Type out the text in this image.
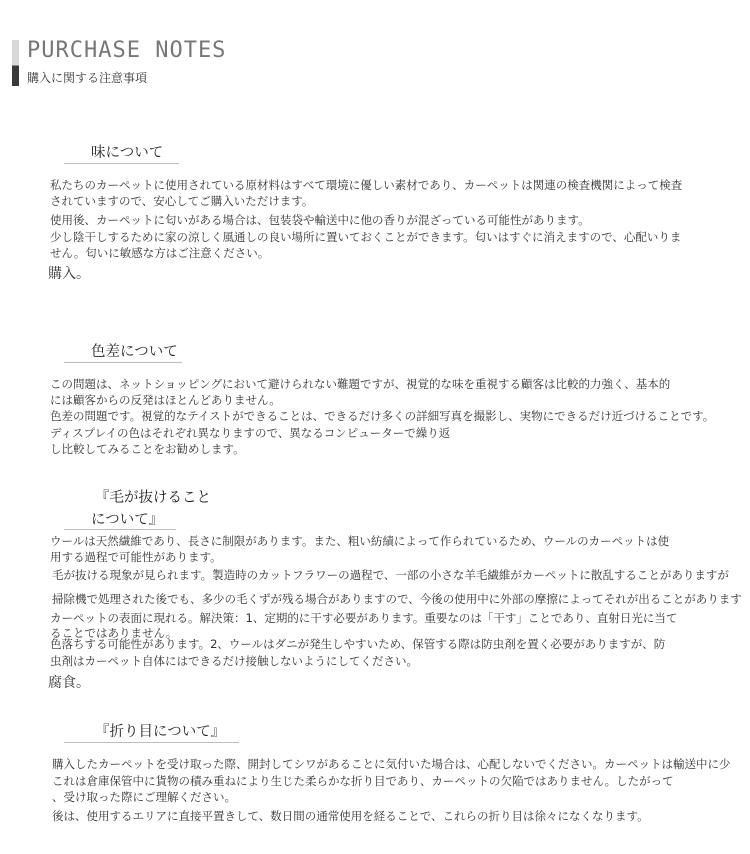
PURCHASE NOTES
購入に関する注意事項
味について
私たちのカーペットに使用されている原材料はすべて環境に優しい素材であり、カーペットは関連の検査機関によって検査
されていますので、安心してご購入いただけます。
使用後、カーペットに匂いがある場合は、包装袋や輸送中に他の香りが混ざっている可能性があります。
少し陰干しするために家の涼しく風通しの良い場所に置いておくことができます。匂いはすぐに消えますので、心配いりま
せん。匂いに敏感な方はご注意ください。
購入。
色差について
この問題は、ネットショッピングにおいて避けられない難題ですが、視覚的な味を重視する顧客は比較的力強く、基本的
には顧客からの反発はほとんどありません。
色差の問題です。視覚的なテイストができることは、できるだけ多くの詳細写真を撮影し、実物にできるだけ近づけることです。
ディスプレイの色はそれぞれ異なりますので、異なるコンピューターで繰り返
し比較してみることをお勧めします。
『毛が抜けること
について』
ウールは天然繊維であり、長さに制限があります。また、粗い紡績によって作られているため、ウールのカーペットは使
用する過程で可能性があります。
毛が抜ける現象が見られます。製造時のカットフラワーの過程で、一部の小さな羊毛繊維がカーペットに散乱することがありますが
掃除機で処理された後でも、多少の毛くずが残る場合がありますので、今後の使用中に外部の摩擦によってそれが出ることがあります
カーペットの表面に現れる。解決策：1、定期的に干す必要があります。重要なのは「干す」ことであり、直射日光に当て
ることではありません。
色落ちする可能性があります。2、ウールはダニが発生しやすいため、保管する際は防虫剤を置く必要がありますが、防
虫剤はカーペット自体にはできるだけ接触しないようにしてください。
腐食。
『折り目について』
購入したカーペットを受け取った際、開封してシワがあることに気付いた場合は、心配しないでください。カーペットは輸送中に少
これは倉庫保管中に貨物の積み重ねにより生じた柔らかな折り目であり、カーペットの欠陥ではありません。したがって
、受け取った際にご理解ください。
後は、使用するエリアに直接平置きして、数日間の通常使用を経ることで、これらの折り目は徐々になくなります。
